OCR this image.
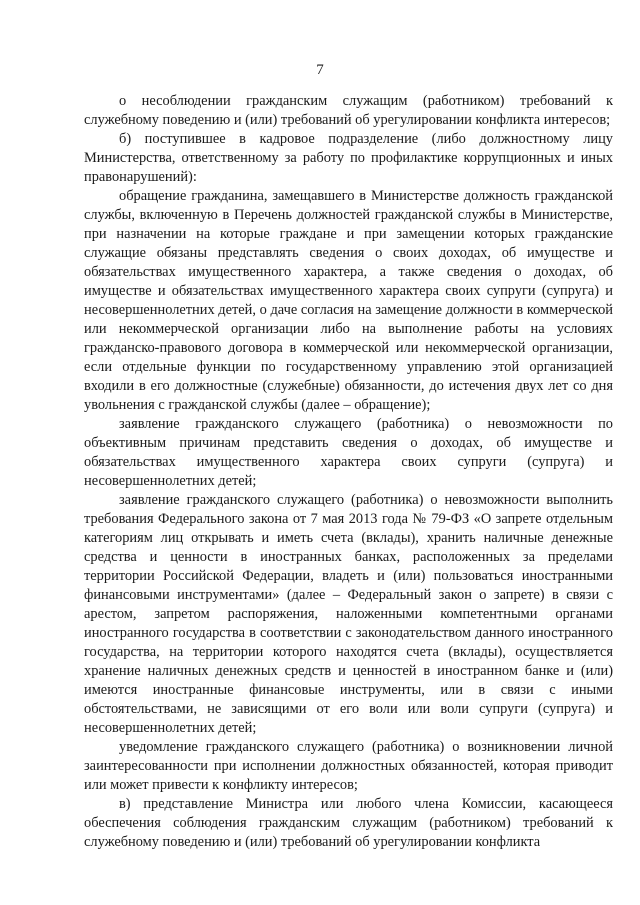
7

о несоблюдении гражданским служащим (работником) требований к служебному поведению и (или) требований об урегулировании конфликта интересов;

б) поступившее в кадровое подразделение (либо должностному лицу Министерства, ответственному за работу по профилактике коррупционных и иных правонарушений):

обращение гражданина, замещавшего в Министерстве должность гражданской службы, включенную в Перечень должностей гражданской службы в Министерстве, при назначении на которые граждане и при замещении которых гражданские служащие обязаны представлять сведения о своих доходах, об имуществе и обязательствах имущественного характера, а также сведения о доходах, об имуществе и обязательствах имущественного характера своих супруги (супруга) и несовершеннолетних детей, о даче согласия на замещение должности в коммерческой или некоммерческой организации либо на выполнение работы на условиях гражданско-правового договора в коммерческой или некоммерческой организации, если отдельные функции по государственному управлению этой организацией входили в его должностные (служебные) обязанности, до истечения двух лет со дня увольнения с гражданской службы (далее – обращение);

заявление гражданского служащего (работника) о невозможности по объективным причинам представить сведения о доходах, об имуществе и обязательствах имущественного характера своих супруги (супруга) и несовершеннолетних детей;

заявление гражданского служащего (работника) о невозможности выполнить требования Федерального закона от 7 мая 2013 года № 79-ФЗ «О запрете отдельным категориям лиц открывать и иметь счета (вклады), хранить наличные денежные средства и ценности в иностранных банках, расположенных за пределами территории Российской Федерации, владеть и (или) пользоваться иностранными финансовыми инструментами» (далее – Федеральный закон о запрете) в связи с арестом, запретом распоряжения, наложенными компетентными органами иностранного государства в соответствии с законодательством данного иностранного государства, на территории которого находятся счета (вклады), осуществляется хранение наличных денежных средств и ценностей в иностранном банке и (или) имеются иностранные финансовые инструменты, или в связи с иными обстоятельствами, не зависящими от его воли или воли супруги (супруга) и несовершеннолетних детей;

уведомление гражданского служащего (работника) о возникновении личной заинтересованности при исполнении должностных обязанностей, которая приводит или может привести к конфликту интересов;

в) представление Министра или любого члена Комиссии, касающееся обеспечения соблюдения гражданским служащим (работником) требований к служебному поведению и (или) требований об урегулировании конфликта
